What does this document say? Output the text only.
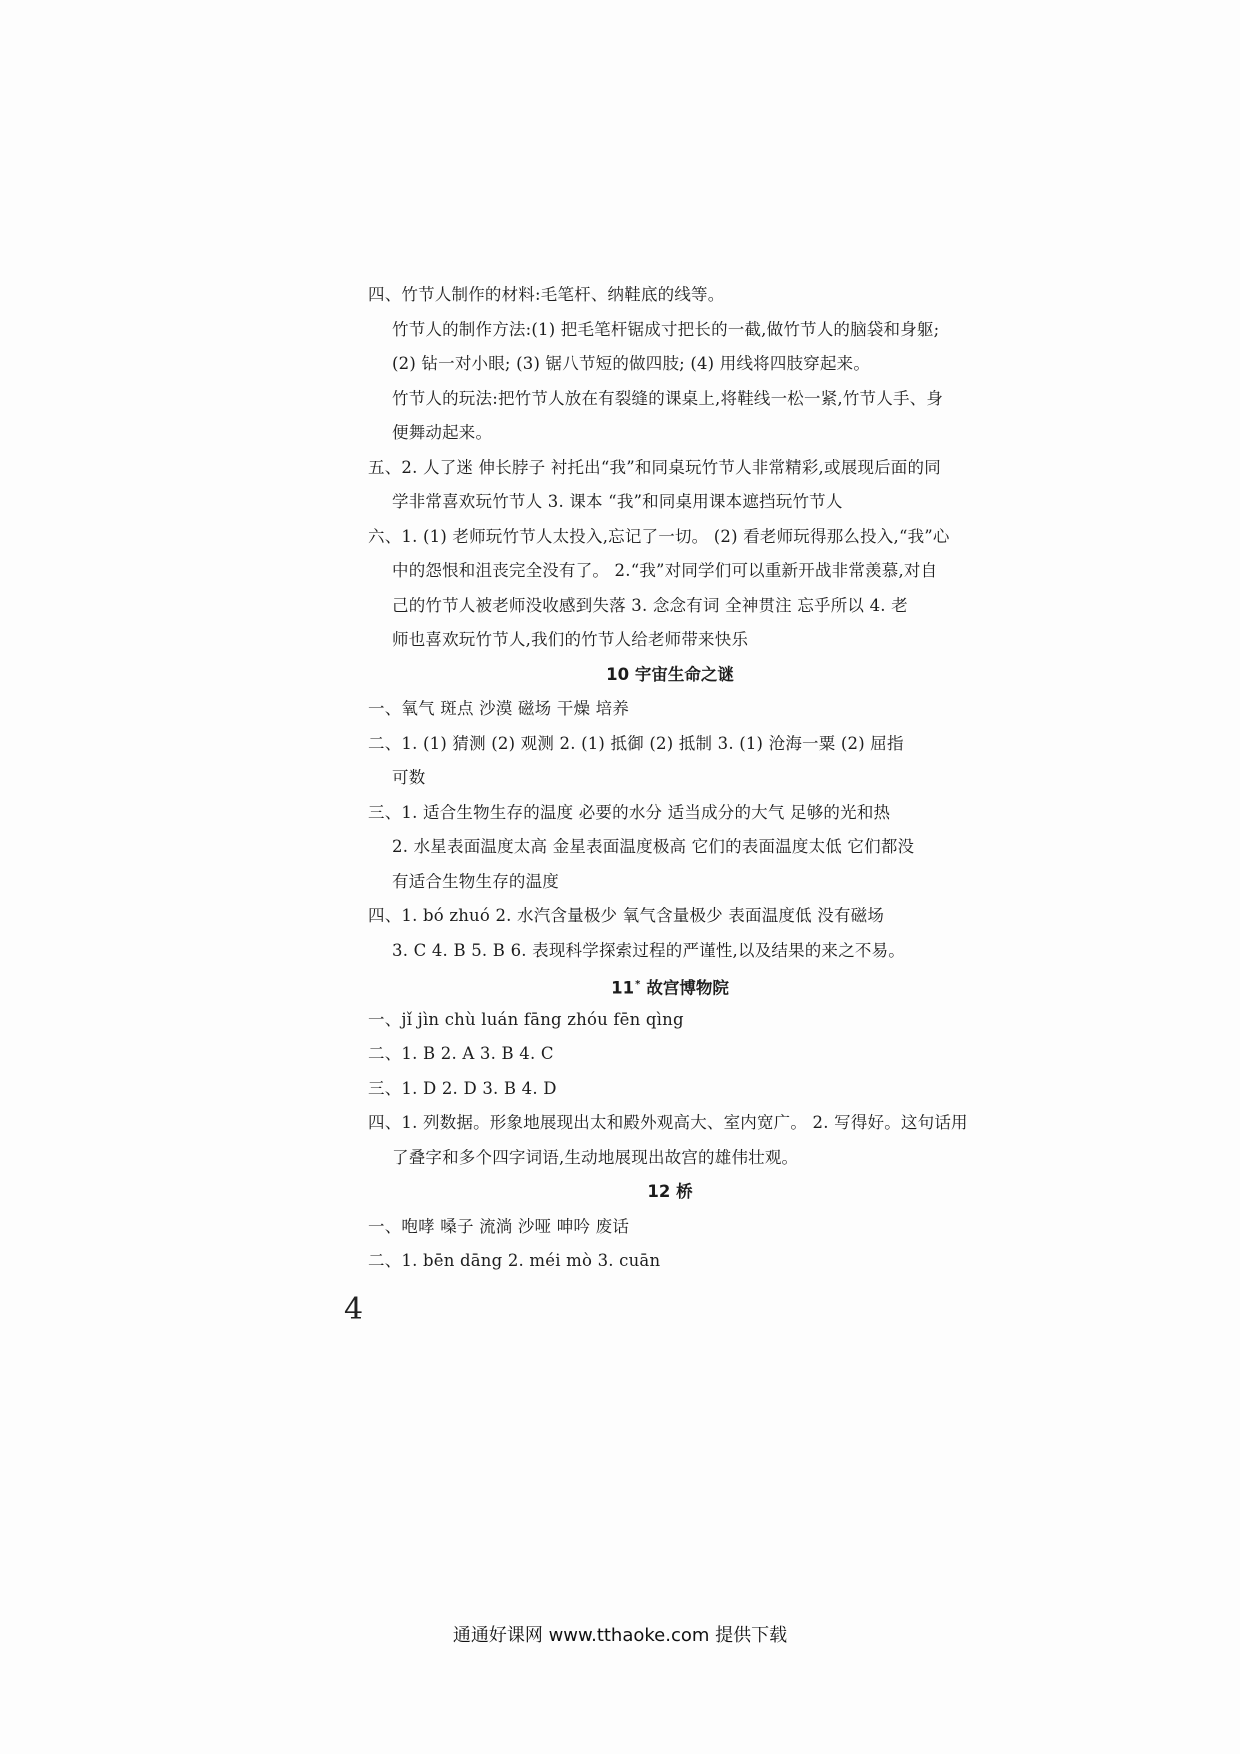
四、竹节人制作的材料:毛笔杆、纳鞋底的线等。
竹节人的制作方法:(1) 把毛笔杆锯成寸把长的一截,做竹节人的脑袋和身躯;
(2) 钻一对小眼; (3) 锯八节短的做四肢; (4) 用线将四肢穿起来。
竹节人的玩法:把竹节人放在有裂缝的课桌上,将鞋线一松一紧,竹节人手、身
便舞动起来。
五、2. 人了迷 伸长脖子 衬托出“我”和同桌玩竹节人非常精彩,或展现后面的同
学非常喜欢玩竹节人 3. 课本 “我”和同桌用课本遮挡玩竹节人
六、1. (1) 老师玩竹节人太投入,忘记了一切。 (2) 看老师玩得那么投入,“我”心
中的怨恨和沮丧完全没有了。 2.“我”对同学们可以重新开战非常羡慕,对自
己的竹节人被老师没收感到失落 3. 念念有词 全神贯注 忘乎所以 4. 老
师也喜欢玩竹节人,我们的竹节人给老师带来快乐
10 宇宙生命之谜
一、氧气 斑点 沙漠 磁场 干燥 培养
二、1. (1) 猜测 (2) 观测 2. (1) 抵御 (2) 抵制 3. (1) 沧海一粟 (2) 屈指
可数
三、1. 适合生物生存的温度 必要的水分 适当成分的大气 足够的光和热
2. 水星表面温度太高 金星表面温度极高 它们的表面温度太低 它们都没
有适合生物生存的温度
四、1. bó zhuó 2. 水汽含量极少 氧气含量极少 表面温度低 没有磁场
3. C 4. B 5. B 6. 表现科学探索过程的严谨性,以及结果的来之不易。
11* 故宫博物院
一、jǐ jìn chù luán fāng zhóu fēn qìng
二、1. B 2. A 3. B 4. C
三、1. D 2. D 3. B 4. D
四、1. 列数据。形象地展现出太和殿外观高大、室内宽广。 2. 写得好。这句话用
了叠字和多个四字词语,生动地展现出故宫的雄伟壮观。
12 桥
一、咆哮 嗓子 流淌 沙哑 呻吟 废话
二、1. bēn dāng 2. méi mò 3. cuān
4
通通好课网 www.tthaoke.com 提供下载
